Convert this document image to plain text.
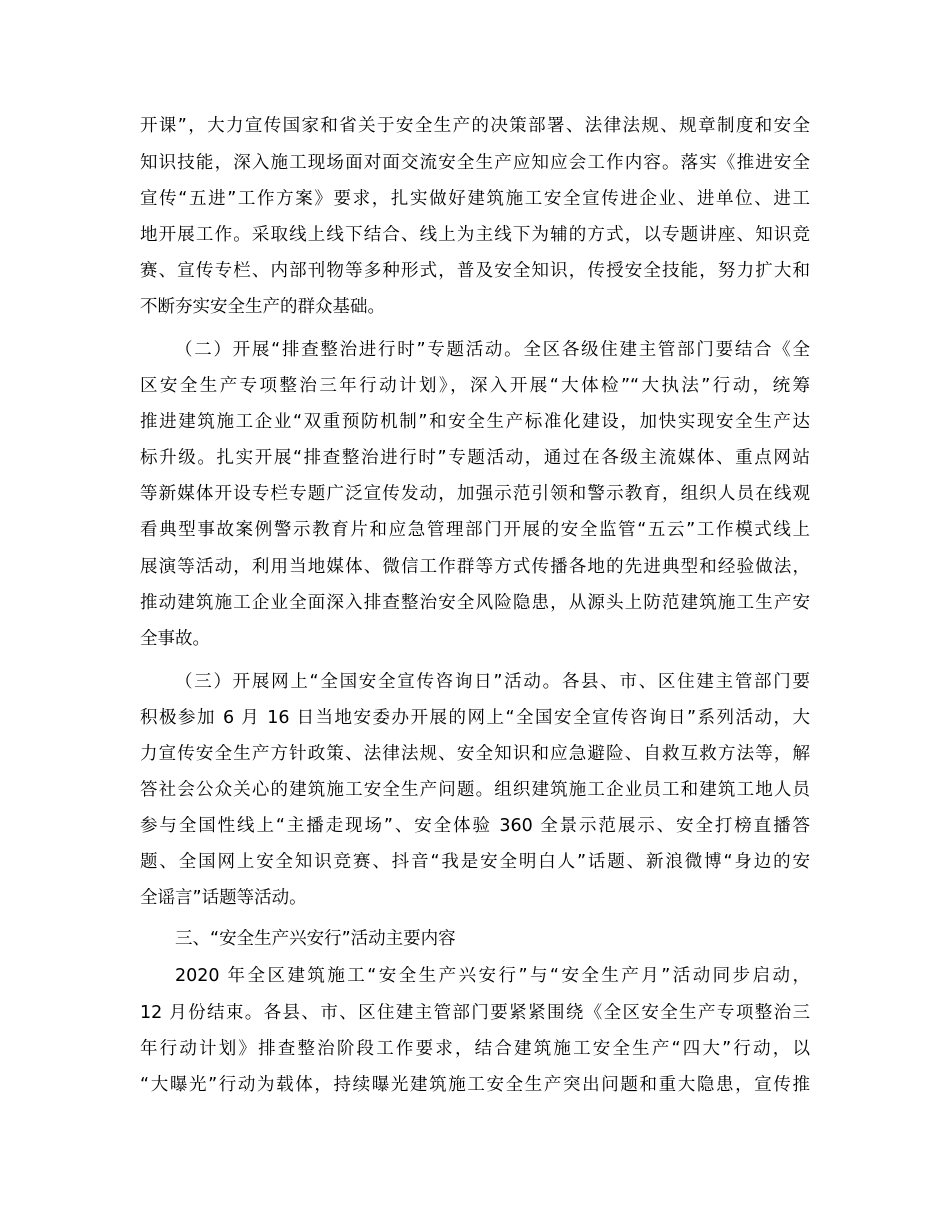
开课”，大力宣传国家和省关于安全生产的决策部署、法律法规、规章制度和安全
知识技能，深入施工现场面对面交流安全生产应知应会工作内容。落实《推进安全
宣传“五进”工作方案》要求，扎实做好建筑施工安全宣传进企业、进单位、进工
地开展工作。采取线上线下结合、线上为主线下为辅的方式，以专题讲座、知识竞
赛、宣传专栏、内部刊物等多种形式，普及安全知识，传授安全技能，努力扩大和
不断夯实安全生产的群众基础。
（二）开展“排查整治进行时”专题活动。全区各级住建主管部门要结合《全
区安全生产专项整治三年行动计划》，深入开展“大体检”“大执法”行动，统筹
推进建筑施工企业“双重预防机制”和安全生产标准化建设，加快实现安全生产达
标升级。扎实开展“排查整治进行时”专题活动，通过在各级主流媒体、重点网站
等新媒体开设专栏专题广泛宣传发动，加强示范引领和警示教育，组织人员在线观
看典型事故案例警示教育片和应急管理部门开展的安全监管“五云”工作模式线上
展演等活动，利用当地媒体、微信工作群等方式传播各地的先进典型和经验做法，
推动建筑施工企业全面深入排查整治安全风险隐患，从源头上防范建筑施工生产安
全事故。
（三）开展网上“全国安全宣传咨询日”活动。各县、市、区住建主管部门要
积极参加 6 月 16 日当地安委办开展的网上“全国安全宣传咨询日”系列活动，大
力宣传安全生产方针政策、法律法规、安全知识和应急避险、自救互救方法等，解
答社会公众关心的建筑施工安全生产问题。组织建筑施工企业员工和建筑工地人员
参与全国性线上“主播走现场”、安全体验 360 全景示范展示、安全打榜直播答
题、全国网上安全知识竞赛、抖音“我是安全明白人”话题、新浪微博“身边的安
全谣言”话题等活动。
三、“安全生产兴安行”活动主要内容
2020 年全区建筑施工“安全生产兴安行”与“安全生产月”活动同步启动，
12 月份结束。各县、市、区住建主管部门要紧紧围绕《全区安全生产专项整治三
年行动计划》排查整治阶段工作要求，结合建筑施工安全生产“四大”行动，以
“大曝光”行动为载体，持续曝光建筑施工安全生产突出问题和重大隐患，宣传推
